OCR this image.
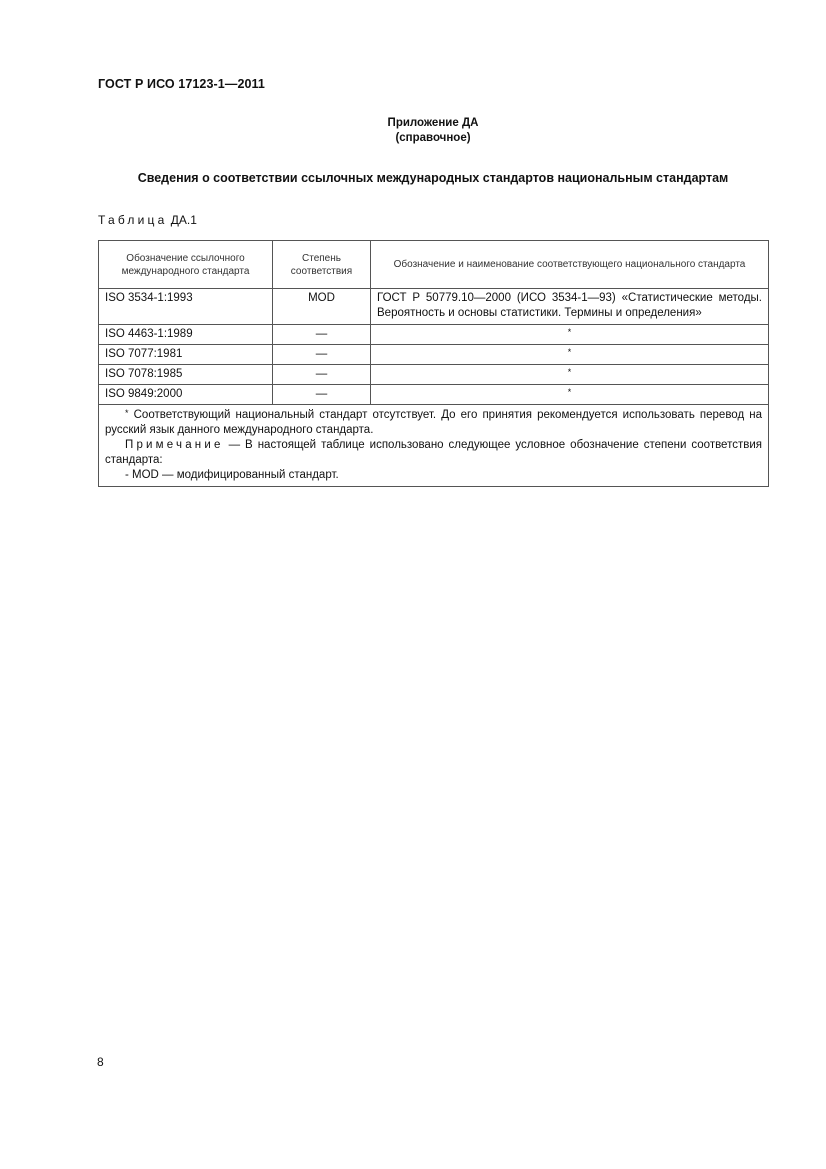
ГОСТ Р ИСО 17123-1—2011
Приложение ДА
(справочное)
Сведения о соответствии ссылочных международных стандартов национальным стандартам
Таблица ДА.1
Обозначение ссылочного международного стандарта	Степень соответствия	Обозначение и наименование соответствующего национального стандарта
ISO 3534-1:1993	MOD	ГОСТ Р 50779.10—2000 (ИСО 3534-1—93) «Статистические методы. Вероятность и основы статистики. Термины и определения»
ISO 4463-1:1989	—	*
ISO 7077:1981	—	*
ISO 7078:1985	—	*
ISO 9849:2000	—	*

* Соответствующий национальный стандарт отсутствует. До его принятия рекомендуется использовать перевод на русский язык данного международного стандарта.
Примечание — В настоящей таблице использовано следующее условное обозначение степени соответствия стандарта:
- MOD — модифицированный стандарт.		
8
